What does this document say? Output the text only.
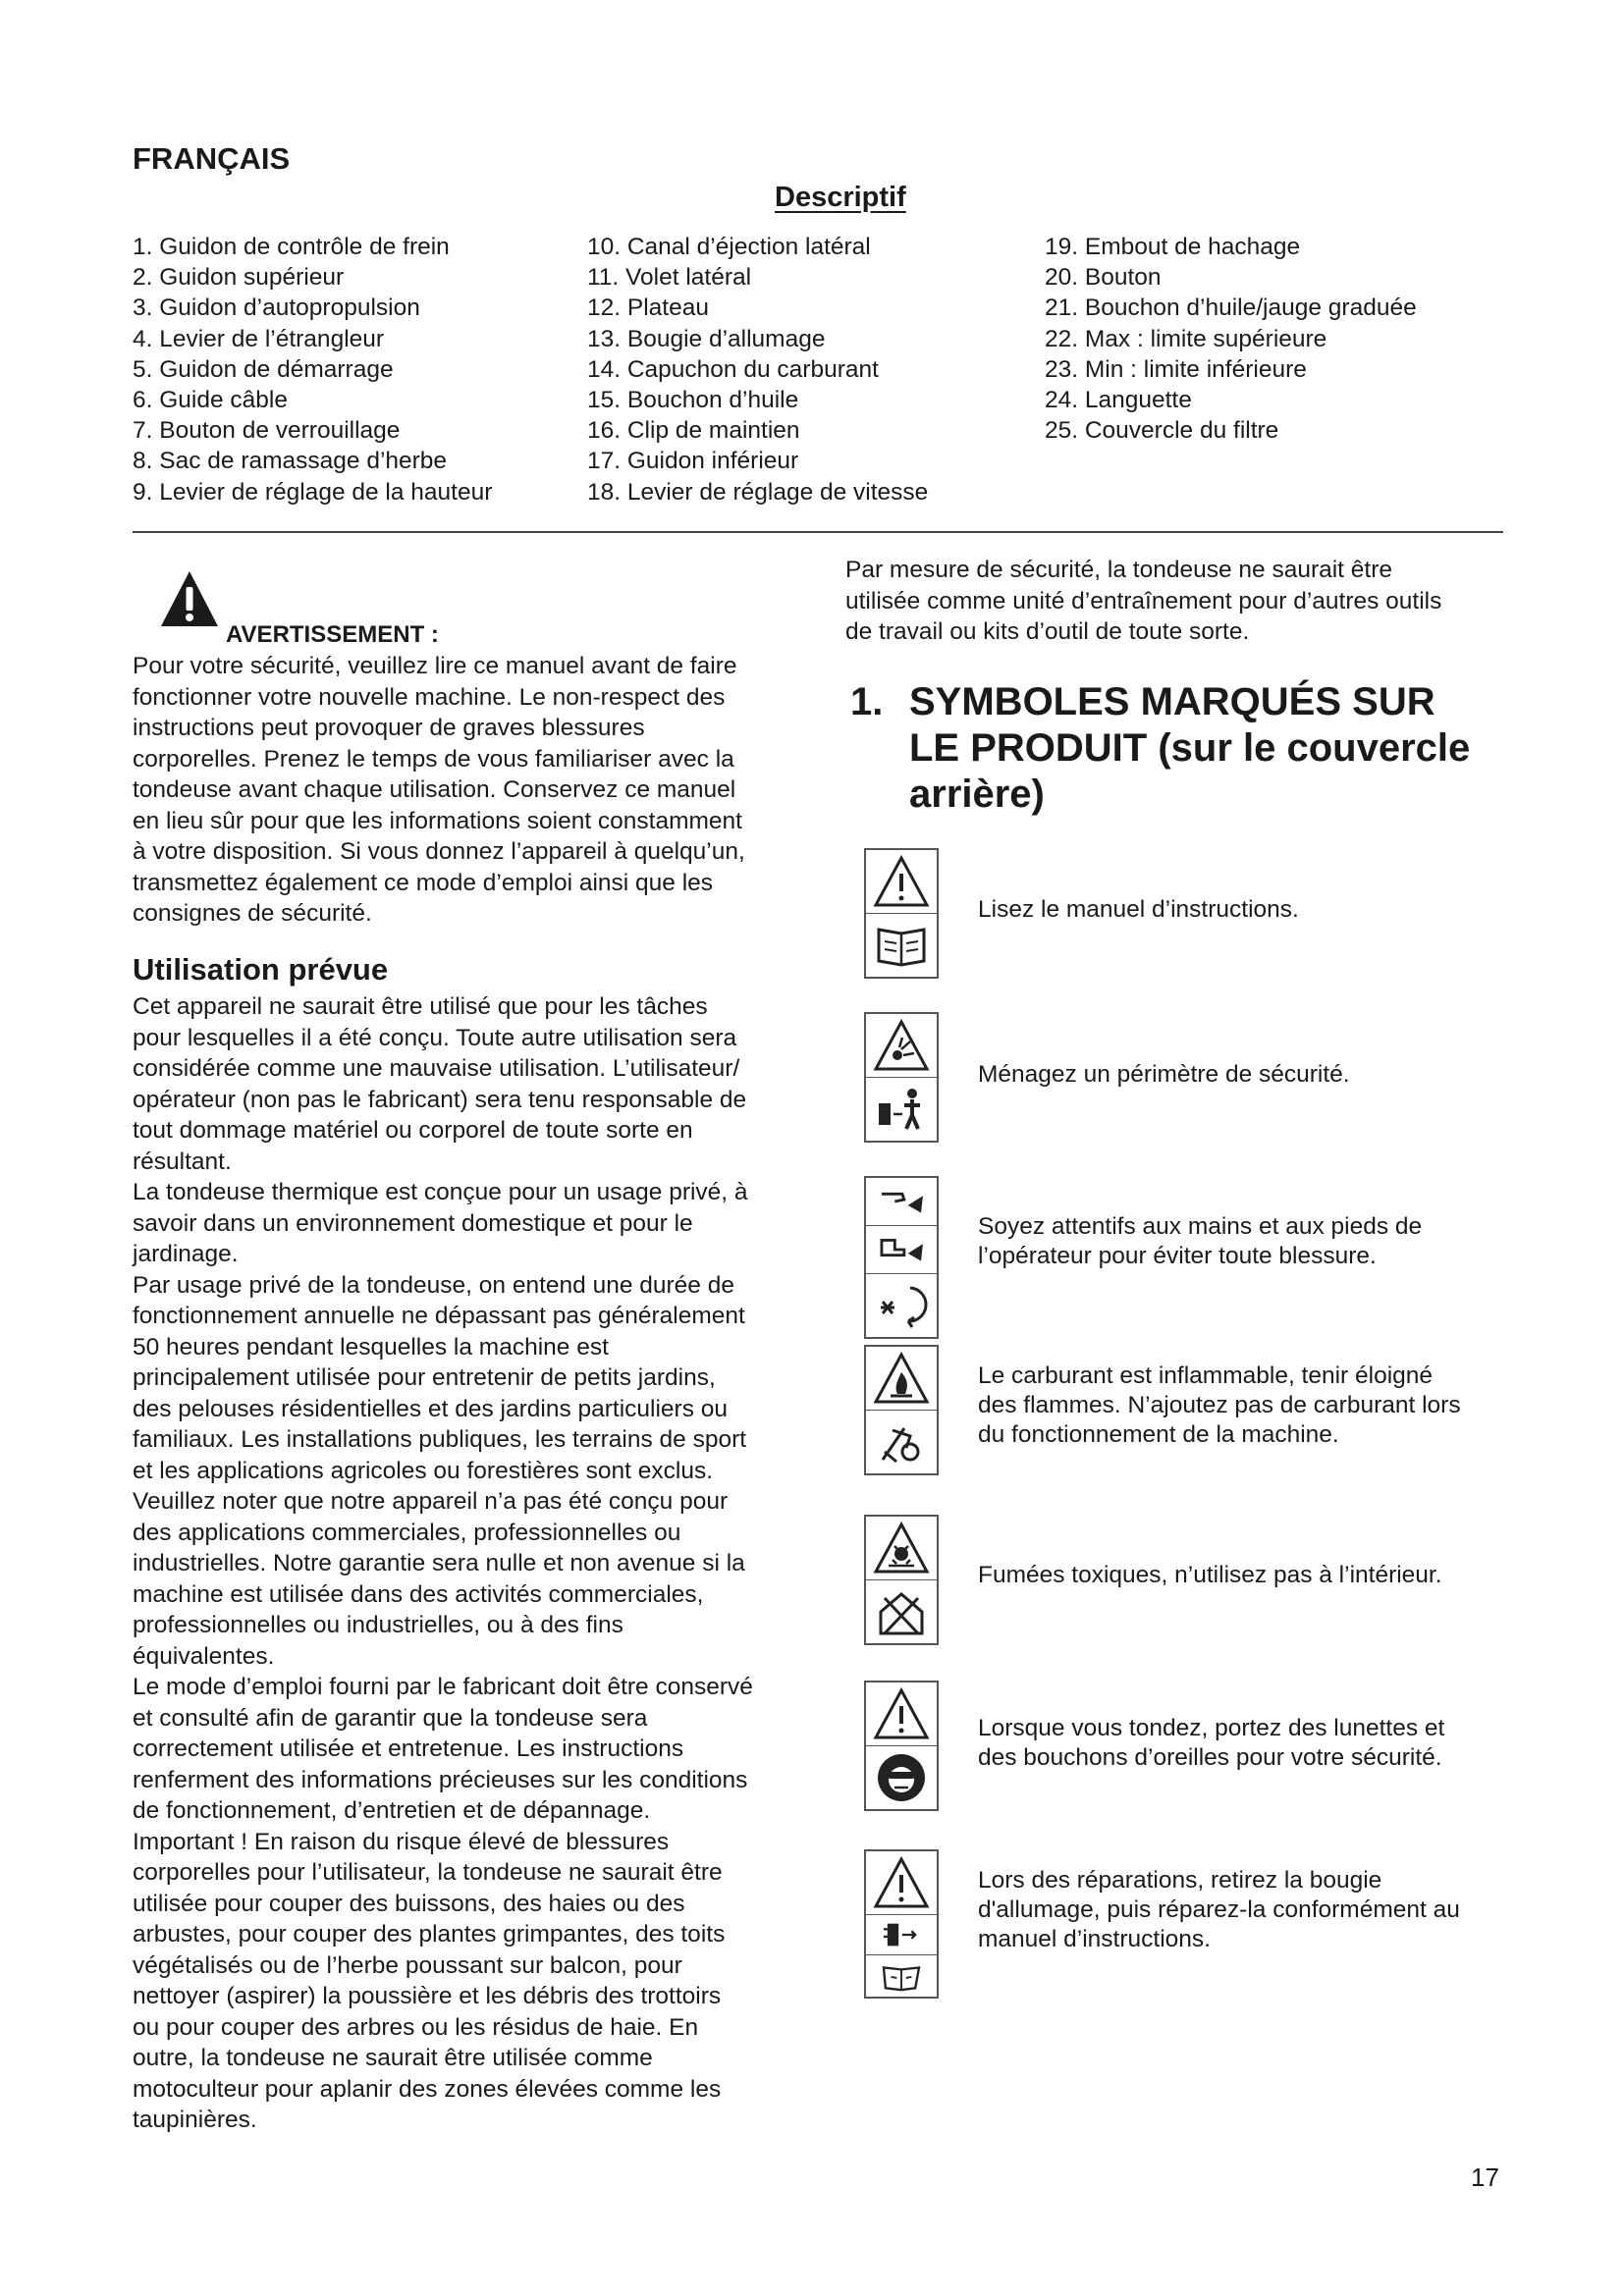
FRANÇAIS
Descriptif
1. Guidon de contrôle de frein
2. Guidon supérieur
3. Guidon d’autopropulsion
4. Levier de l’étrangleur
5. Guidon de démarrage
6. Guide câble
7. Bouton de verrouillage
8. Sac de ramassage d’herbe
9. Levier de réglage de la hauteur
10. Canal d’éjection latéral
11. Volet latéral
12. Plateau
13. Bougie d’allumage
14. Capuchon du carburant
15. Bouchon d’huile
16. Clip de maintien
17. Guidon inférieur
18. Levier de réglage de vitesse
19. Embout de hachage
20. Bouton
21. Bouchon d’huile/jauge graduée
22. Max : limite supérieure
23. Min : limite inférieure
24. Languette
25. Couvercle du filtre
AVERTISSEMENT :
Pour votre sécurité, veuillez lire ce manuel avant de faire
fonctionner votre nouvelle machine. Le non-respect des
instructions peut provoquer de graves blessures
corporelles. Prenez le temps de vous familiariser avec la
tondeuse avant chaque utilisation. Conservez ce manuel
en lieu sûr pour que les informations soient constamment
à votre disposition. Si vous donnez l’appareil à quelqu’un,
transmettez également ce mode d’emploi ainsi que les
consignes de sécurité.
Utilisation prévue
Cet appareil ne saurait être utilisé que pour les tâches
pour lesquelles il a été conçu. Toute autre utilisation sera
considérée comme une mauvaise utilisation. L’utilisateur/
opérateur (non pas le fabricant) sera tenu responsable de
tout dommage matériel ou corporel de toute sorte en
résultant.
La tondeuse thermique est conçue pour un usage privé, à
savoir dans un environnement domestique et pour le
jardinage.
Par usage privé de la tondeuse, on entend une durée de
fonctionnement annuelle ne dépassant pas généralement
50 heures pendant lesquelles la machine est
principalement utilisée pour entretenir de petits jardins,
des pelouses résidentielles et des jardins particuliers ou
familiaux. Les installations publiques, les terrains de sport
et les applications agricoles ou forestières sont exclus.
Veuillez noter que notre appareil n’a pas été conçu pour
des applications commerciales, professionnelles ou
industrielles. Notre garantie sera nulle et non avenue si la
machine est utilisée dans des activités commerciales,
professionnelles ou industrielles, ou à des fins
équivalentes.
Le mode d’emploi fourni par le fabricant doit être conservé
et consulté afin de garantir que la tondeuse sera
correctement utilisée et entretenue. Les instructions
renferment des informations précieuses sur les conditions
de fonctionnement, d’entretien et de dépannage.
Important ! En raison du risque élevé de blessures
corporelles pour l’utilisateur, la tondeuse ne saurait être
utilisée pour couper des buissons, des haies ou des
arbustes, pour couper des plantes grimpantes, des toits
végétalisés ou de l’herbe poussant sur balcon, pour
nettoyer (aspirer) la poussière et les débris des trottoirs
ou pour couper des arbres ou les résidus de haie. En
outre, la tondeuse ne saurait être utilisée comme
motoculteur pour aplanir des zones élevées comme les
taupinières.
Par mesure de sécurité, la tondeuse ne saurait être
utilisée comme unité d’entraînement pour d’autres outils
de travail ou kits d’outil de toute sorte.
1. SYMBOLES MARQUÉS SUR
LE PRODUIT (sur le couvercle
arrière)
Lisez le manuel d’instructions.
Ménagez un périmètre de sécurité.
Soyez attentifs aux mains et aux pieds de
l’opérateur pour éviter toute blessure.
Le carburant est inflammable, tenir éloigné
des flammes. N’ajoutez pas de carburant lors
du fonctionnement de la machine.
Fumées toxiques, n’utilisez pas à l’intérieur.
Lorsque vous tondez, portez des lunettes et
des bouchons d’oreilles pour votre sécurité.
Lors des réparations, retirez la bougie
d'allumage, puis réparez-la conformément au
manuel d’instructions.
17
